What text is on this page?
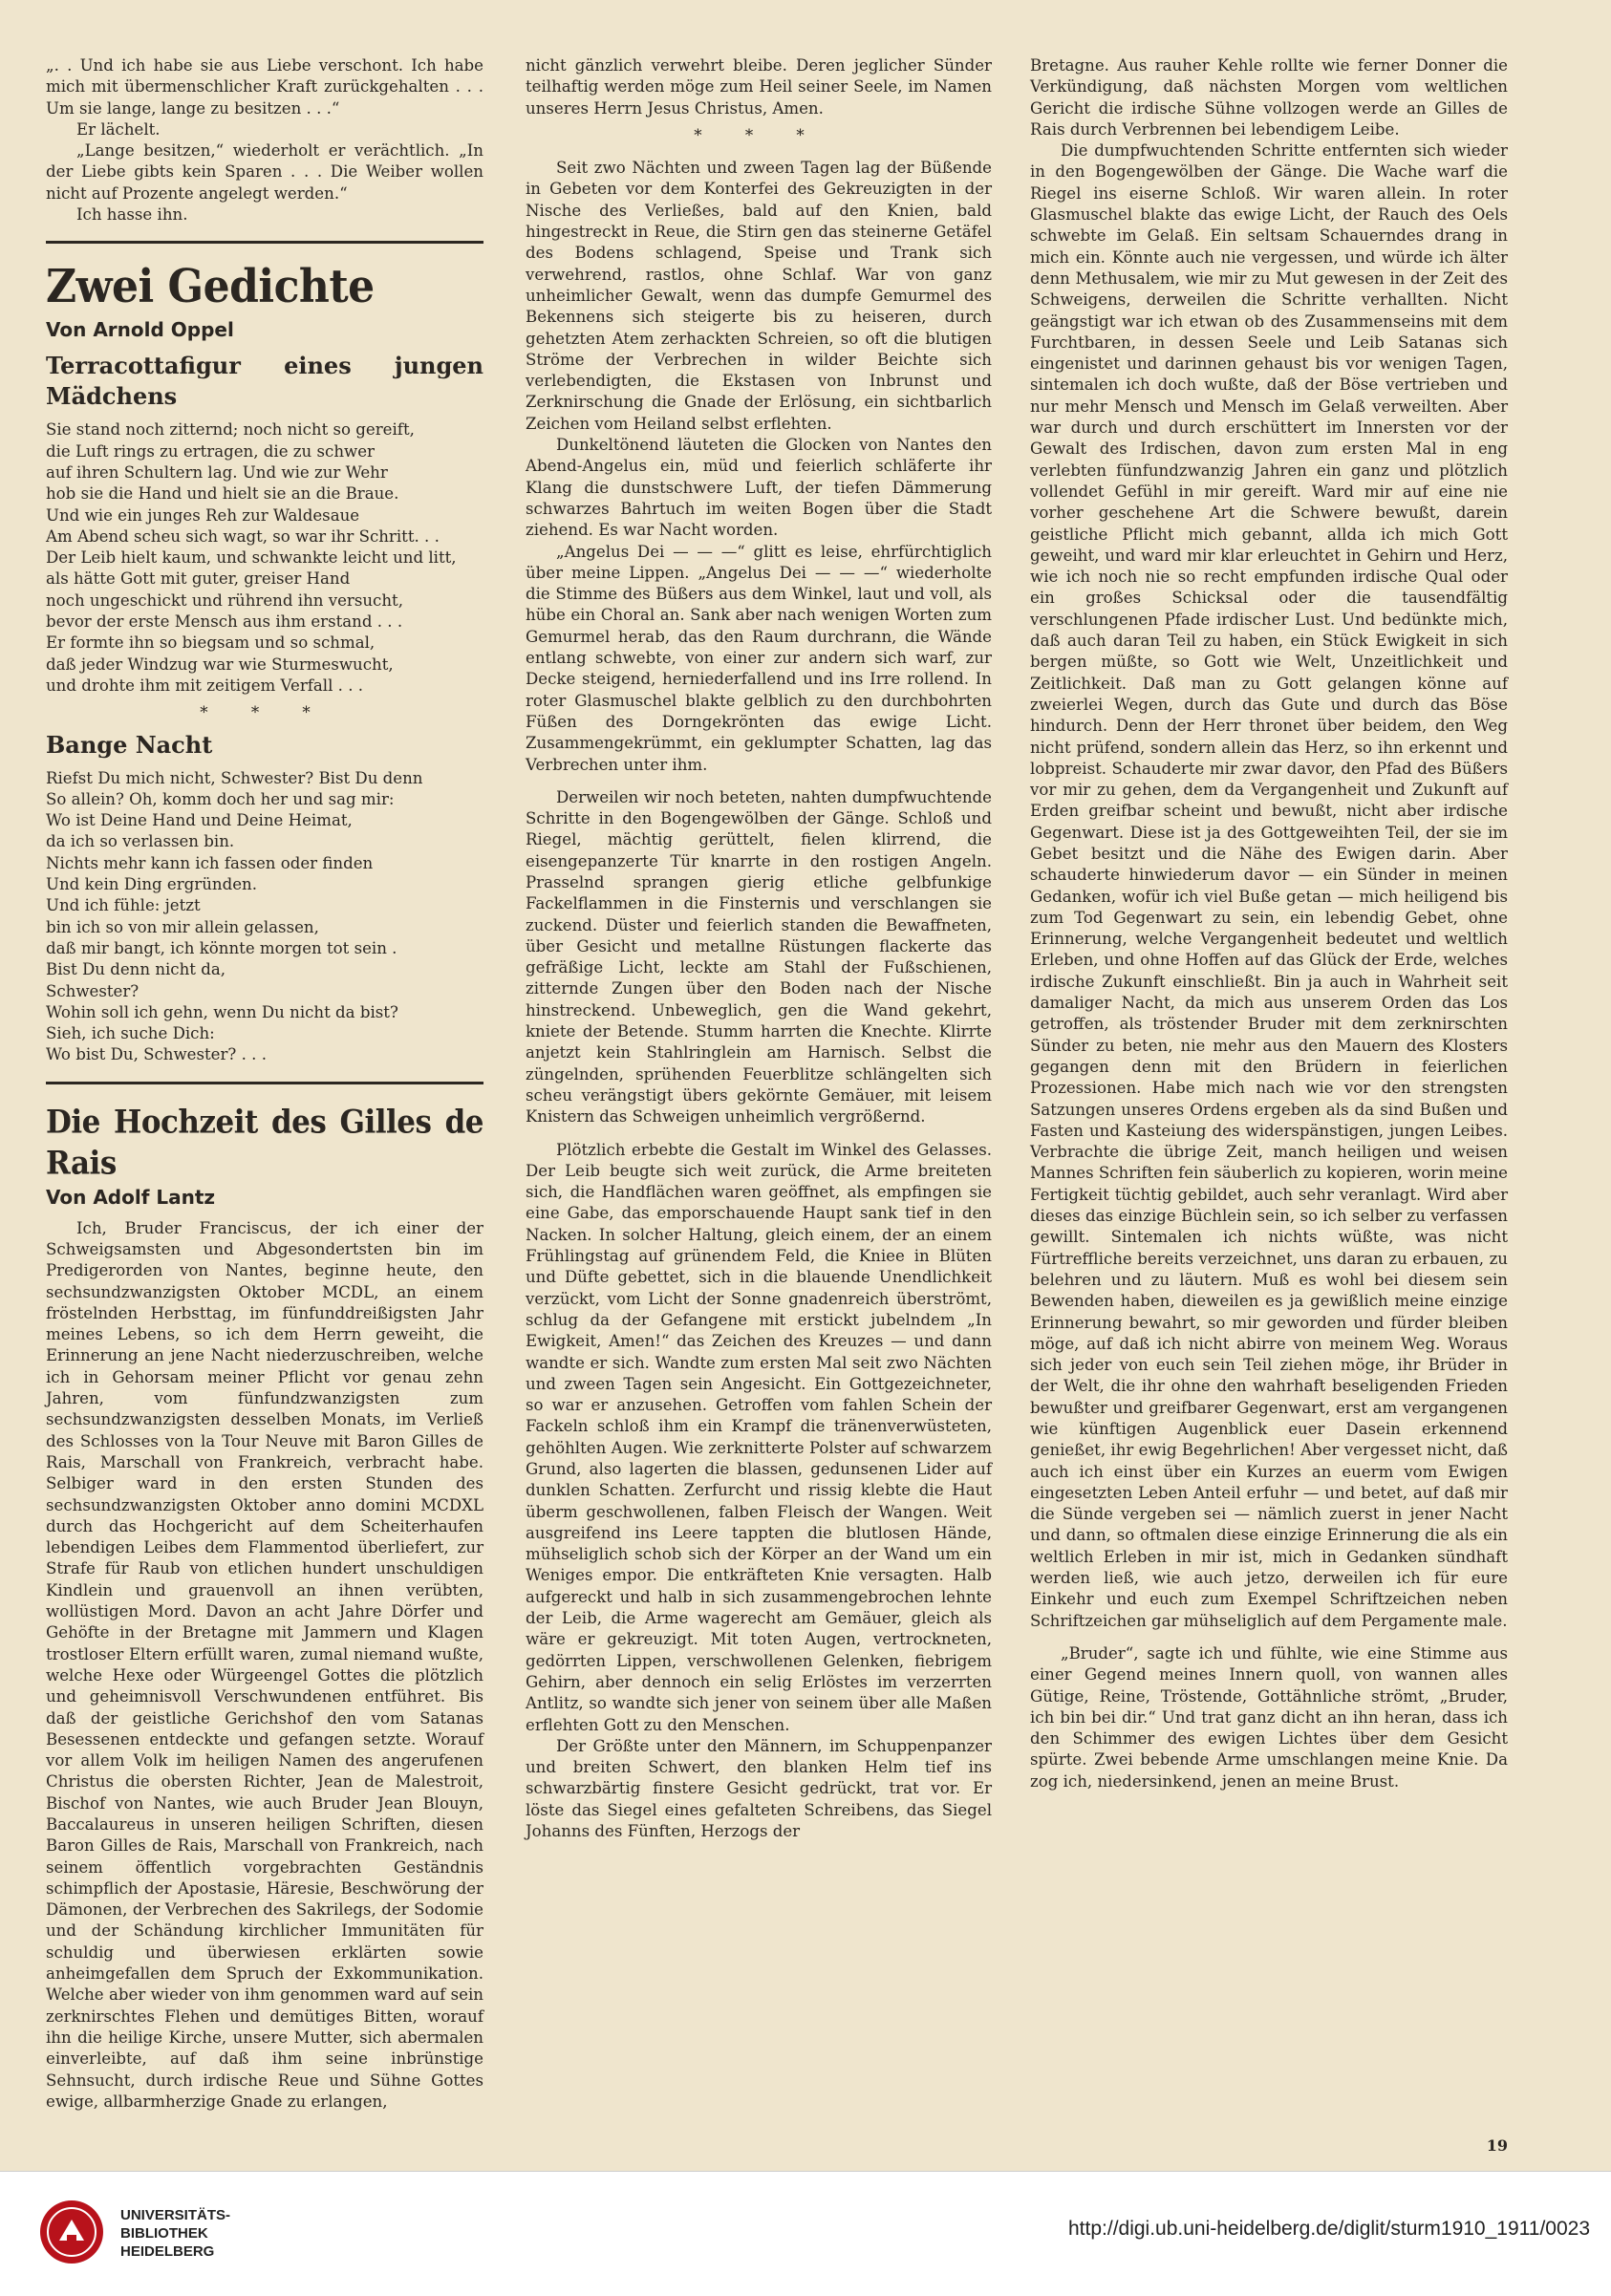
„. . Und ich habe sie aus Liebe verschont. Ich habe mich mit übermenschlicher Kraft zurückgehalten . . . Um sie lange, lange zu besitzen . . .“

Er lächelt.

„Lange besitzen,“ wiederholt er verächtlich. „In der Liebe gibts kein Sparen . . . Die Weiber wollen nicht auf Prozente angelegt werden.“

Ich hasse ihn.

Zwei Gedichte
Von Arnold Oppel
Terracottafigur eines jungen Mädchens

Sie stand noch zitternd; noch nicht so gereift,

die Luft rings zu ertragen, die zu schwer

auf ihren Schultern lag. Und wie zur Wehr

hob sie die Hand und hielt sie an die Braue.

Und wie ein junges Reh zur Waldesaue

Am Abend scheu sich wagt, so war ihr Schritt. . .

Der Leib hielt kaum, und schwankte leicht und litt,

als hätte Gott mit guter, greiser Hand

noch ungeschickt und rührend ihn versucht,

bevor der erste Mensch aus ihm erstand . . .

Er formte ihn so biegsam und so schmal,

daß jeder Windzug war wie Sturmeswucht,

und drohte ihm mit zeitigem Verfall . . .

* * *

Bange Nacht

Riefst Du mich nicht, Schwester? Bist Du denn

So allein? Oh, komm doch her und sag mir:

Wo ist Deine Hand und Deine Heimat,

da ich so verlassen bin.

Nichts mehr kann ich fassen oder finden

Und kein Ding ergründen.

Und ich fühle: jetzt

bin ich so von mir allein gelassen,

daß mir bangt, ich könnte morgen tot sein .

Bist Du denn nicht da,

Schwester?

Wohin soll ich gehn, wenn Du nicht da bist?

Sieh, ich suche Dich:

Wo bist Du, Schwester? . . .

Die Hochzeit des Gilles de Rais
Von Adolf Lantz

Ich, Bruder Franciscus, der ich einer der Schweigsamsten und Abgesondertsten bin im Predigerorden von Nantes, beginne heute, den sechsundzwanzigsten Oktober MCDL, an einem fröstelnden Herbsttag, im fünfunddreißigsten Jahr meines Lebens, so ich dem Herrn geweiht, die Erinnerung an jene Nacht niederzuschreiben, welche ich in Gehorsam meiner Pflicht vor genau zehn Jahren, vom fünfundzwanzigsten zum sechsundzwanzigsten desselben Monats, im Verließ des Schlosses von la Tour Neuve mit Baron Gilles de Rais, Marschall von Frankreich, verbracht habe. Selbiger ward in den ersten Stunden des sechsundzwanzigsten Oktober anno domini MCDXL durch das Hochgericht auf dem Scheiterhaufen lebendigen Leibes dem Flammentod überliefert, zur Strafe für Raub von etlichen hundert unschuldigen Kindlein und grauenvoll an ihnen verübten, wollüstigen Mord. Davon an acht Jahre Dörfer und Gehöfte in der Bretagne mit Jammern und Klagen trostloser Eltern erfüllt waren, zumal niemand wußte, welche Hexe oder Würgeengel Gottes die plötzlich und geheimnisvoll Verschwundenen entführet. Bis daß der geistliche Gerichshof den vom Satanas Besessenen entdeckte und gefangen setzte. Worauf vor allem Volk im heiligen Namen des angerufenen Christus die obersten Richter, Jean de Malestroit, Bischof von Nantes, wie auch Bruder Jean Blouyn, Baccalaureus in unseren heiligen Schriften, diesen Baron Gilles de Rais, Marschall von Frankreich, nach seinem öffentlich vorgebrachten Geständnis schimpflich der Apostasie, Häresie, Beschwörung der Dämonen, der Verbrechen des Sakrilegs, der Sodomie und der Schändung kirchlicher Immunitäten für schuldig und überwiesen erklärten sowie anheimgefallen dem Spruch der Exkommunikation. Welche aber wieder von ihm genommen ward auf sein zerknirschtes Flehen und demütiges Bitten, worauf ihn die heilige Kirche, unsere Mutter, sich abermalen einverleibte, auf daß ihm seine inbrünstige Sehnsucht, durch irdische Reue und Sühne Gottes ewige, allbarmherzige Gnade zu erlangen,

nicht gänzlich verwehrt bleibe. Deren jeglicher Sünder teilhaftig werden möge zum Heil seiner Seele, im Namen unseres Herrn Jesus Christus, Amen.

* * *

Seit zwo Nächten und zween Tagen lag der Büßende in Gebeten vor dem Konterfei des Gekreuzigten in der Nische des Verließes, bald auf den Knien, bald hingestreckt in Reue, die Stirn gen das steinerne Getäfel des Bodens schlagend, Speise und Trank sich verwehrend, rastlos, ohne Schlaf. War von ganz unheimlicher Gewalt, wenn das dumpfe Gemurmel des Bekennens sich steigerte bis zu heiseren, durch gehetzten Atem zerhackten Schreien, so oft die blutigen Ströme der Verbrechen in wilder Beichte sich verlebendigten, die Ekstasen von Inbrunst und Zerknirschung die Gnade der Erlösung, ein sichtbarlich Zeichen vom Heiland selbst erflehten.

Dunkeltönend läuteten die Glocken von Nantes den Abend-Angelus ein, müd und feierlich schläferte ihr Klang die dunstschwere Luft, der tiefen Dämmerung schwarzes Bahrtuch im weiten Bogen über die Stadt ziehend. Es war Nacht worden.

„Angelus Dei — — —“ glitt es leise, ehrfürchtiglich über meine Lippen. „Angelus Dei — — —“ wiederholte die Stimme des Büßers aus dem Winkel, laut und voll, als hübe ein Choral an. Sank aber nach wenigen Worten zum Gemurmel herab, das den Raum durchrann, die Wände entlang schwebte, von einer zur andern sich warf, zur Decke steigend, herniederfallend und ins Irre rollend. In roter Glasmuschel blakte gelblich zu den durchbohrten Füßen des Dorngekrönten das ewige Licht. Zusammengekrümmt, ein geklumpter Schatten, lag das Verbrechen unter ihm.

Derweilen wir noch beteten, nahten dumpfwuchtende Schritte in den Bogengewölben der Gänge. Schloß und Riegel, mächtig gerüttelt, fielen klirrend, die eisengepanzerte Tür knarrte in den rostigen Angeln. Prasselnd sprangen gierig etliche gelbfunkige Fackelflammen in die Finsternis und verschlangen sie zuckend. Düster und feierlich standen die Bewaffneten, über Gesicht und metallne Rüstungen flackerte das gefräßige Licht, leckte am Stahl der Fußschienen, zitternde Zungen über den Boden nach der Nische hinstreckend. Unbeweglich, gen die Wand gekehrt, kniete der Betende. Stumm harrten die Knechte. Klirrte anjetzt kein Stahlringlein am Harnisch. Selbst die züngelnden, sprühenden Feuerblitze schlängelten sich scheu verängstigt übers gekörnte Gemäuer, mit leisem Knistern das Schweigen unheimlich vergrößernd.

Plötzlich erbebte die Gestalt im Winkel des Gelasses. Der Leib beugte sich weit zurück, die Arme breiteten sich, die Handflächen waren geöffnet, als empfingen sie eine Gabe, das emporschauende Haupt sank tief in den Nacken. In solcher Haltung, gleich einem, der an einem Frühlingstag auf grünendem Feld, die Kniee in Blüten und Düfte gebettet, sich in die blauende Unendlichkeit verzückt, vom Licht der Sonne gnadenreich überströmt, schlug da der Gefangene mit erstickt jubelndem „In Ewigkeit, Amen!“ das Zeichen des Kreuzes — und dann wandte er sich. Wandte zum ersten Mal seit zwo Nächten und zween Tagen sein Angesicht. Ein Gottgezeichneter, so war er anzusehen. Getroffen vom fahlen Schein der Fackeln schloß ihm ein Krampf die tränenverwüsteten, gehöhlten Augen. Wie zerknitterte Polster auf schwarzem Grund, also lagerten die blassen, gedunsenen Lider auf dunklen Schatten. Zerfurcht und rissig klebte die Haut überm geschwollenen, falben Fleisch der Wangen. Weit ausgreifend ins Leere tappten die blutlosen Hände, mühseliglich schob sich der Körper an der Wand um ein Weniges empor. Die entkräfteten Knie versagten. Halb aufgereckt und halb in sich zusammengebrochen lehnte der Leib, die Arme wagerecht am Gemäuer, gleich als wäre er gekreuzigt. Mit toten Augen, vertrockneten, gedörrten Lippen, verschwollenen Gelenken, fiebrigem Gehirn, aber dennoch ein selig Erlöstes im verzerrten Antlitz, so wandte sich jener von seinem über alle Maßen erflehten Gott zu den Menschen.

Der Größte unter den Männern, im Schuppenpanzer und breiten Schwert, den blanken Helm tief ins schwarzbärtig finstere Gesicht gedrückt, trat vor. Er löste das Siegel eines gefalteten Schreibens, das Siegel Johanns des Fünften, Herzogs der

Bretagne. Aus rauher Kehle rollte wie ferner Donner die Verkündigung, daß nächsten Morgen vom weltlichen Gericht die irdische Sühne vollzogen werde an Gilles de Rais durch Verbrennen bei lebendigem Leibe.

Die dumpfwuchtenden Schritte entfernten sich wieder in den Bogengewölben der Gänge. Die Wache warf die Riegel ins eiserne Schloß. Wir waren allein. In roter Glasmuschel blakte das ewige Licht, der Rauch des Oels schwebte im Gelaß. Ein seltsam Schauerndes drang in mich ein. Könnte auch nie vergessen, und würde ich älter denn Methusalem, wie mir zu Mut gewesen in der Zeit des Schweigens, derweilen die Schritte verhallten. Nicht geängstigt war ich etwan ob des Zusammenseins mit dem Furchtbaren, in dessen Seele und Leib Satanas sich eingenistet und darinnen gehaust bis vor wenigen Tagen, sintemalen ich doch wußte, daß der Böse vertrieben und nur mehr Mensch und Mensch im Gelaß verweilten. Aber war durch und durch erschüttert im Innersten vor der Gewalt des Irdischen, davon zum ersten Mal in eng verlebten fünfundzwanzig Jahren ein ganz und plötzlich vollendet Gefühl in mir gereift. Ward mir auf eine nie vorher geschehene Art die Schwere bewußt, darein geistliche Pflicht mich gebannt, allda ich mich Gott geweiht, und ward mir klar erleuchtet in Gehirn und Herz, wie ich noch nie so recht empfunden irdische Qual oder ein großes Schicksal oder die tausendfältig verschlungenen Pfade irdischer Lust. Und bedünkte mich, daß auch daran Teil zu haben, ein Stück Ewigkeit in sich bergen müßte, so Gott wie Welt, Unzeitlichkeit und Zeitlichkeit. Daß man zu Gott gelangen könne auf zweierlei Wegen, durch das Gute und durch das Böse hindurch. Denn der Herr thronet über beidem, den Weg nicht prüfend, sondern allein das Herz, so ihn erkennt und lobpreist. Schauderte mir zwar davor, den Pfad des Büßers vor mir zu gehen, dem da Vergangenheit und Zukunft auf Erden greifbar scheint und bewußt, nicht aber irdische Gegenwart. Diese ist ja des Gottgeweihten Teil, der sie im Gebet besitzt und die Nähe des Ewigen darin. Aber schauderte hinwiederum davor — ein Sünder in meinen Gedanken, wofür ich viel Buße getan — mich heiligend bis zum Tod Gegenwart zu sein, ein lebendig Gebet, ohne Erinnerung, welche Vergangenheit bedeutet und weltlich Erleben, und ohne Hoffen auf das Glück der Erde, welches irdische Zukunft einschließt. Bin ja auch in Wahrheit seit damaliger Nacht, da mich aus unserem Orden das Los getroffen, als tröstender Bruder mit dem zerknirschten Sünder zu beten, nie mehr aus den Mauern des Klosters gegangen denn mit den Brüdern in feierlichen Prozessionen. Habe mich nach wie vor den strengsten Satzungen unseres Ordens ergeben als da sind Bußen und Fasten und Kasteiung des widerspänstigen, jungen Leibes. Verbrachte die übrige Zeit, manch heiligen und weisen Mannes Schriften fein säuberlich zu kopieren, worin meine Fertigkeit tüchtig gebildet, auch sehr veranlagt. Wird aber dieses das einzige Büchlein sein, so ich selber zu verfassen gewillt. Sintemalen ich nichts wüßte, was nicht Fürtreffliche bereits verzeichnet, uns daran zu erbauen, zu belehren und zu läutern. Muß es wohl bei diesem sein Bewenden haben, dieweilen es ja gewißlich meine einzige Erinnerung bewahrt, so mir geworden und fürder bleiben möge, auf daß ich nicht abirre von meinem Weg. Woraus sich jeder von euch sein Teil ziehen möge, ihr Brüder in der Welt, die ihr ohne den wahrhaft beseligenden Frieden bewußter und greifbarer Gegenwart, erst am vergangenen wie künftigen Augenblick euer Dasein erkennend genießet, ihr ewig Begehrlichen! Aber vergesset nicht, daß auch ich einst über ein Kurzes an euerm vom Ewigen eingesetzten Leben Anteil erfuhr — und betet, auf daß mir die Sünde vergeben sei — nämlich zuerst in jener Nacht und dann, so oftmalen diese einzige Erinnerung die als ein weltlich Erleben in mir ist, mich in Gedanken sündhaft werden ließ, wie auch jetzo, derweilen ich für eure Einkehr und euch zum Exempel Schriftzeichen neben Schriftzeichen gar mühseliglich auf dem Pergamente male.

„Bruder“, sagte ich und fühlte, wie eine Stimme aus einer Gegend meines Innern quoll, von wannen alles Gütige, Reine, Tröstende, Gottähnliche strömt, „Bruder, ich bin bei dir.“ Und trat ganz dicht an ihn heran, dass ich den Schimmer des ewigen Lichtes über dem Gesicht spürte. Zwei bebende Arme umschlangen meine Knie. Da zog ich, niedersinkend, jenen an meine Brust.

19
UNIVERSITÄTS-
BIBLIOTHEK
HEIDELBERG
http://digi.ub.uni-heidelberg.de/diglit/sturm1910_1911/0023
